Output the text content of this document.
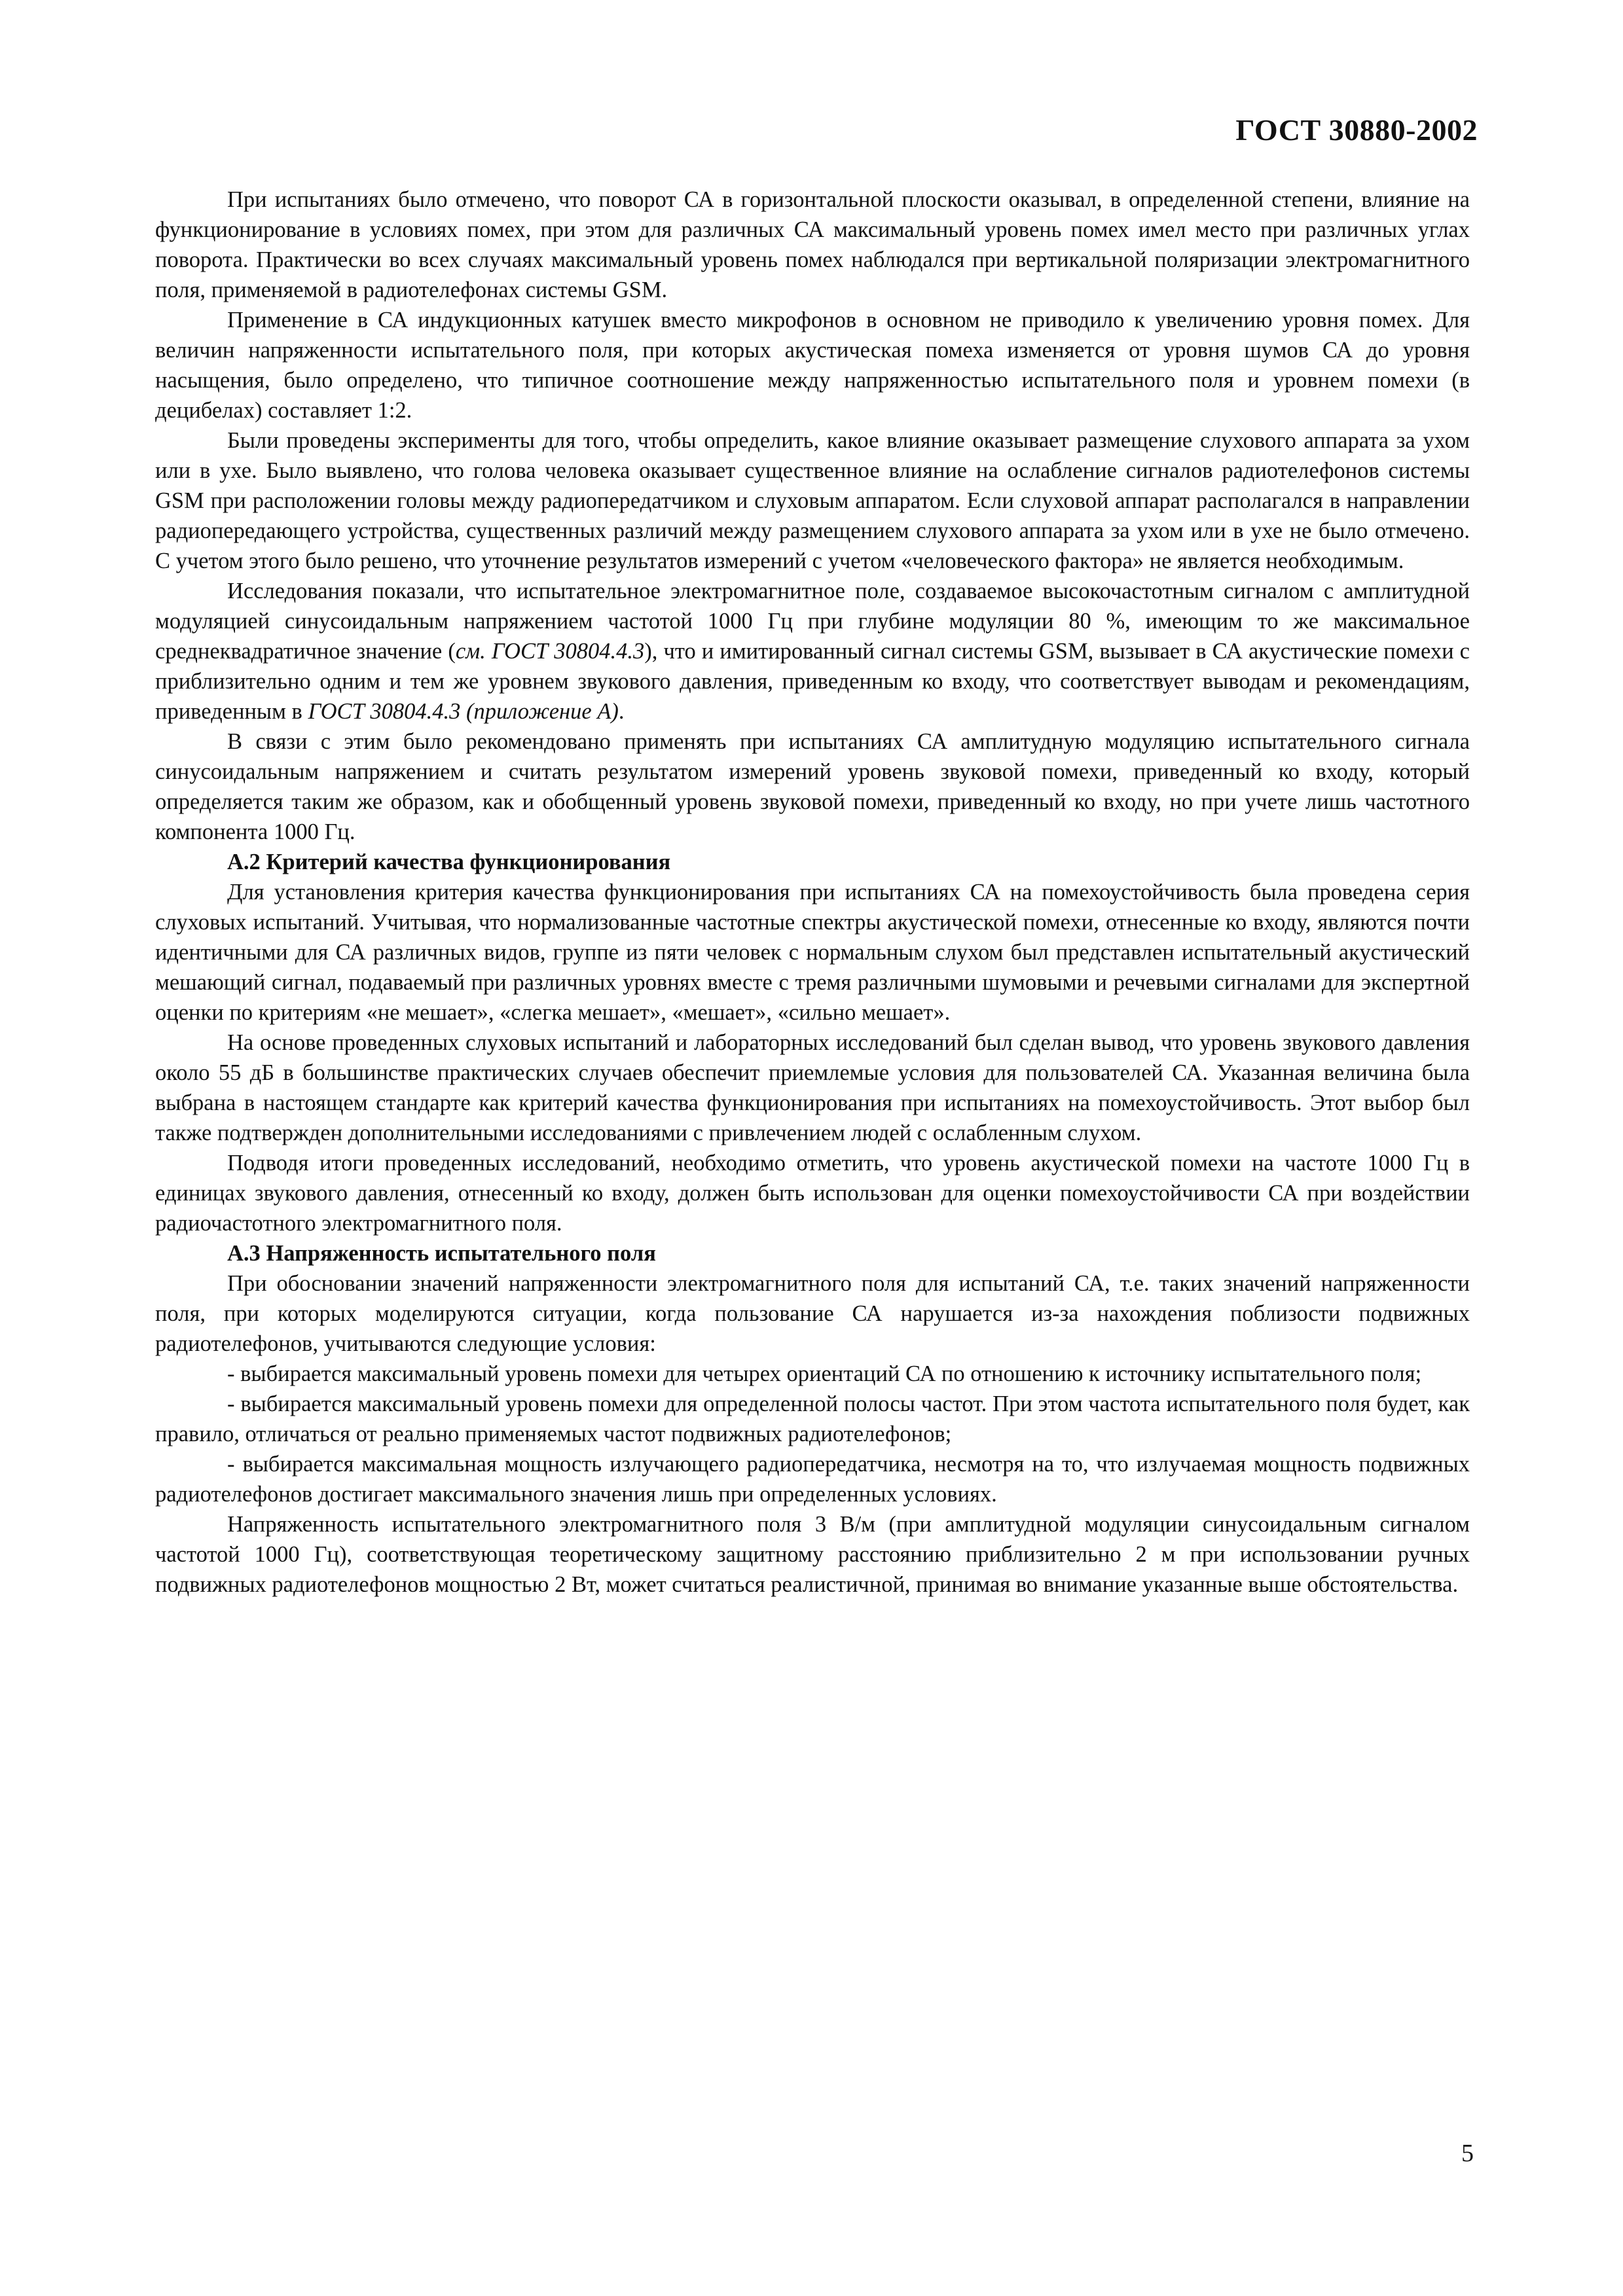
ГОСТ 30880-2002

При испытаниях было отмечено, что поворот СА в горизонтальной плоскости оказывал, в определенной степени, влияние на функционирование в условиях помех, при этом для различных СА максимальный уровень помех имел место при различных углах поворота. Практически во всех случаях максимальный уровень помех наблюдался при вертикальной поляризации электромагнитного поля, применяемой в радиотелефонах системы GSM.

Применение в СА индукционных катушек вместо микрофонов в основном не приводило к увеличению уровня помех. Для величин напряженности испытательного поля, при которых акустическая помеха изменяется от уровня шумов СА до уровня насыщения, было определено, что типичное соотношение между напряженностью испытательного поля и уровнем помехи (в децибелах) составляет 1:2.

Были проведены эксперименты для того, чтобы определить, какое влияние оказывает размещение слухового аппарата за ухом или в ухе. Было выявлено, что голова человека оказывает существенное влияние на ослабление сигналов радиотелефонов системы GSM при расположении головы между радиопередатчиком и слуховым аппаратом. Если слуховой аппарат располагался в направлении радиопередающего устройства, существенных различий между размещением слухового аппарата за ухом или в ухе не было отмечено. С учетом этого было решено, что уточнение результатов измерений с учетом «человеческого фактора» не является необходимым.

Исследования показали, что испытательное электромагнитное поле, создаваемое высокочастотным сигналом с амплитудной модуляцией синусоидальным напряжением частотой 1000 Гц при глубине модуляции 80 %, имеющим то же максимальное среднеквадратичное значение (см. ГОСТ 30804.4.3), что и имитированный сигнал системы GSM, вызывает в СА акустические помехи с приблизительно одним и тем же уровнем звукового давления, приведенным ко входу, что соответствует выводам и рекомендациям, приведенным в ГОСТ 30804.4.3 (приложение А).

В связи с этим было рекомендовано применять при испытаниях СА амплитудную модуляцию испытательного сигнала синусоидальным напряжением и считать результатом измерений уровень звуковой помехи, приведенный ко входу, который определяется таким же образом, как и обобщенный уровень звуковой помехи, приведенный ко входу, но при учете лишь частотного компонента 1000 Гц.

А.2 Критерий качества функционирования

Для установления критерия качества функционирования при испытаниях СА на помехоустойчивость была проведена серия слуховых испытаний. Учитывая, что нормализованные частотные спектры акустической помехи, отнесенные ко входу, являются почти идентичными для СА различных видов, группе из пяти человек с нормальным слухом был представлен испытательный акустический мешающий сигнал, подаваемый при различных уровнях вместе с тремя различными шумовыми и речевыми сигналами для экспертной оценки по критериям «не мешает», «слегка мешает», «мешает», «сильно мешает».

На основе проведенных слуховых испытаний и лабораторных исследований был сделан вывод, что уровень звукового давления около 55 дБ в большинстве практических случаев обеспечит приемлемые условия для пользователей СА. Указанная величина была выбрана в настоящем стандарте как критерий качества функционирования при испытаниях на помехоустойчивость. Этот выбор был также подтвержден дополнительными исследованиями с привлечением людей с ослабленным слухом.

Подводя итоги проведенных исследований, необходимо отметить, что уровень акустической помехи на частоте 1000 Гц в единицах звукового давления, отнесенный ко входу, должен быть использован для оценки помехоустойчивости СА при воздействии радиочастотного электромагнитного поля.

А.3 Напряженность испытательного поля

При обосновании значений напряженности электромагнитного поля для испытаний СА, т.е. таких значений напряженности поля, при которых моделируются ситуации, когда пользование СА нарушается из-за нахождения поблизости подвижных радиотелефонов, учитываются следующие условия:

- выбирается максимальный уровень помехи для четырех ориентаций СА по отношению к источнику испытательного поля;

- выбирается максимальный уровень помехи для определенной полосы частот. При этом частота испытательного поля будет, как правило, отличаться от реально применяемых частот подвижных радиотелефонов;

- выбирается максимальная мощность излучающего радиопередатчика, несмотря на то, что излучаемая мощность подвижных радиотелефонов достигает максимального значения лишь при определенных условиях.

Напряженность испытательного электромагнитного поля 3 В/м (при амплитудной модуляции синусоидальным сигналом частотой 1000 Гц), соответствующая теоретическому защитному расстоянию приблизительно 2 м при использовании ручных подвижных радиотелефонов мощностью 2 Вт, может считаться реалистичной, принимая во внимание указанные выше обстоятельства.

5
